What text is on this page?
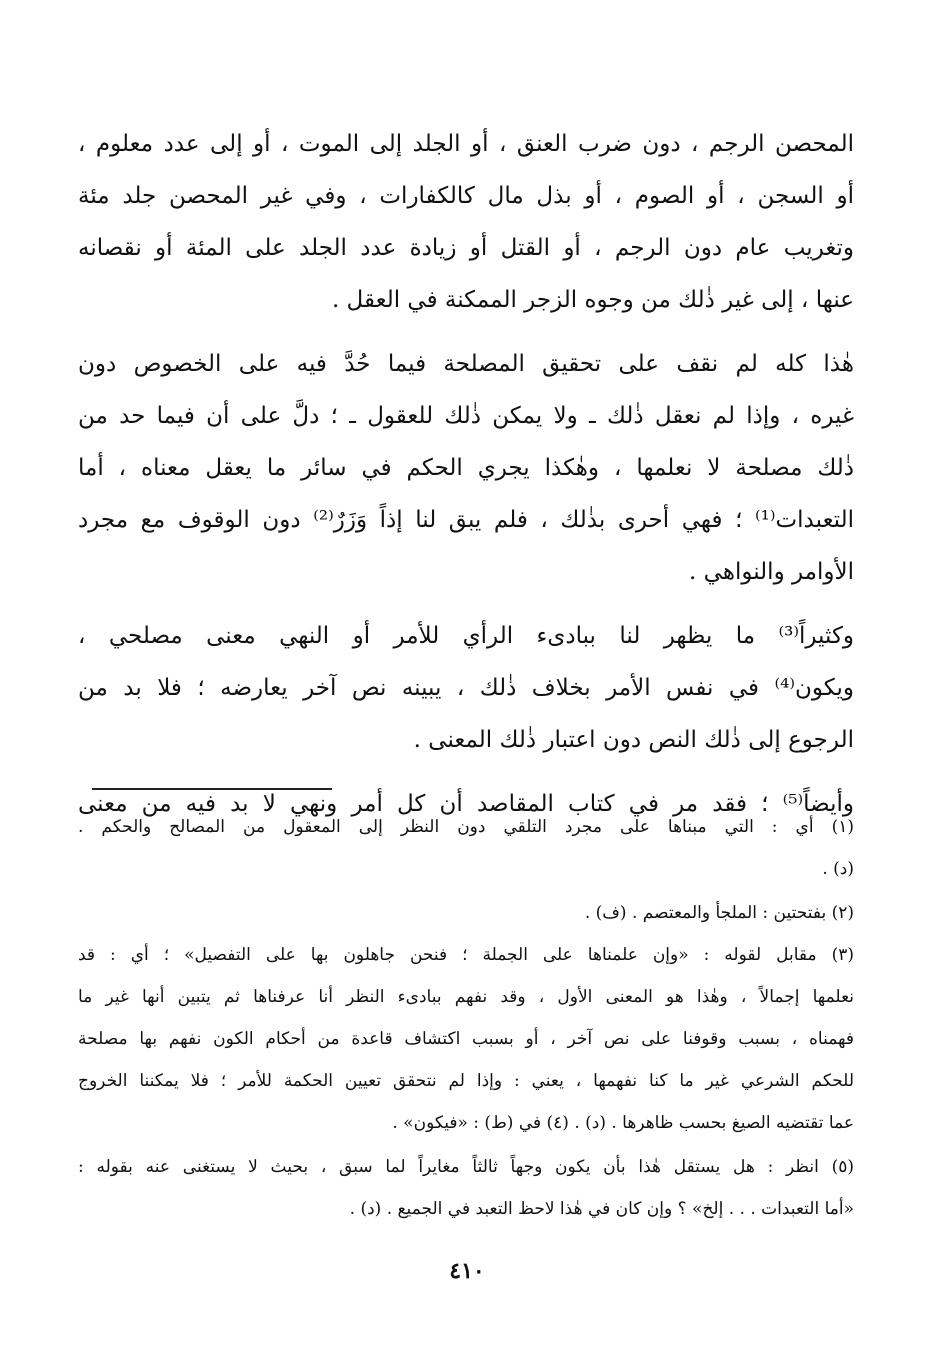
المحصن الرجم ، دون ضرب العنق ، أو الجلد إلى الموت ، أو إلى عدد معلوم ،
أو السجن ، أو الصوم ، أو بذل مال كالكفارات ، وفي غير المحصن جلد مئة
وتغريب عام دون الرجم ، أو القتل أو زيادة عدد الجلد على المئة أو نقصانه
عنها ، إلى غير ذٰلك من وجوه الزجر الممكنة في العقل .
هٰذا كله لم نقف على تحقيق المصلحة فيما حُدَّ فيه على الخصوص دون
غيره ، وإذا لم نعقل ذٰلك ـ ولا يمكن ذٰلك للعقول ـ ؛ دلَّ على أن فيما حد من
ذٰلك مصلحة لا نعلمها ، وهٰكذا يجري الحكم في سائر ما يعقل معناه ، أما
التعبدات⁽¹⁾ ؛ فهي أحرى بذٰلك ، فلم يبق لنا إذاً وَزَرٌ⁽²⁾ دون الوقوف مع مجرد
الأوامر والنواهي .
وكثيراً⁽³⁾ ما يظهر لنا ببادىء الرأي للأمر أو النهي معنى مصلحي ،
ويكون⁽⁴⁾ في نفس الأمر بخلاف ذٰلك ، يبينه نص آخر يعارضه ؛ فلا بد من
الرجوع إلى ذٰلك النص دون اعتبار ذٰلك المعنى .
وأيضاً⁽⁵⁾ ؛ فقد مر في كتاب المقاصد أن كل أمر ونهي لا بد فيه من معنى
(١) أي : التي مبناها على مجرد التلقي دون النظر إلى المعقول من المصالح والحكم .
(د) .
(٢) بفتحتين : الملجأ والمعتصم . (ف) .
(٣) مقابل لقوله : «وإن علمناها على الجملة ؛ فنحن جاهلون بها على التفصيل» ؛ أي : قد
نعلمها إجمالاً ، وهٰذا هو المعنى الأول ، وقد نفهم ببادىء النظر أنا عرفناها ثم يتبين أنها غير ما
فهمناه ، بسبب وقوفنا على نص آخر ، أو بسبب اكتشاف قاعدة من أحكام الكون نفهم بها مصلحة
للحكم الشرعي غير ما كنا نفهمها ، يعني : وإذا لم نتحقق تعيين الحكمة للأمر ؛ فلا يمكننا الخروج
عما تقتضيه الصيغ بحسب ظاهرها . (د) . (٤) في (ط) : «فيكون» .
(٥) انظر : هل يستقل هٰذا بأن يكون وجهاً ثالثاً مغايراً لما سبق ، بحيث لا يستغنى عنه بقوله :
«أما التعبدات . . . إلخ» ؟ وإن كان في هٰذا لاحظ التعبد في الجميع . (د) .
٤١٠
